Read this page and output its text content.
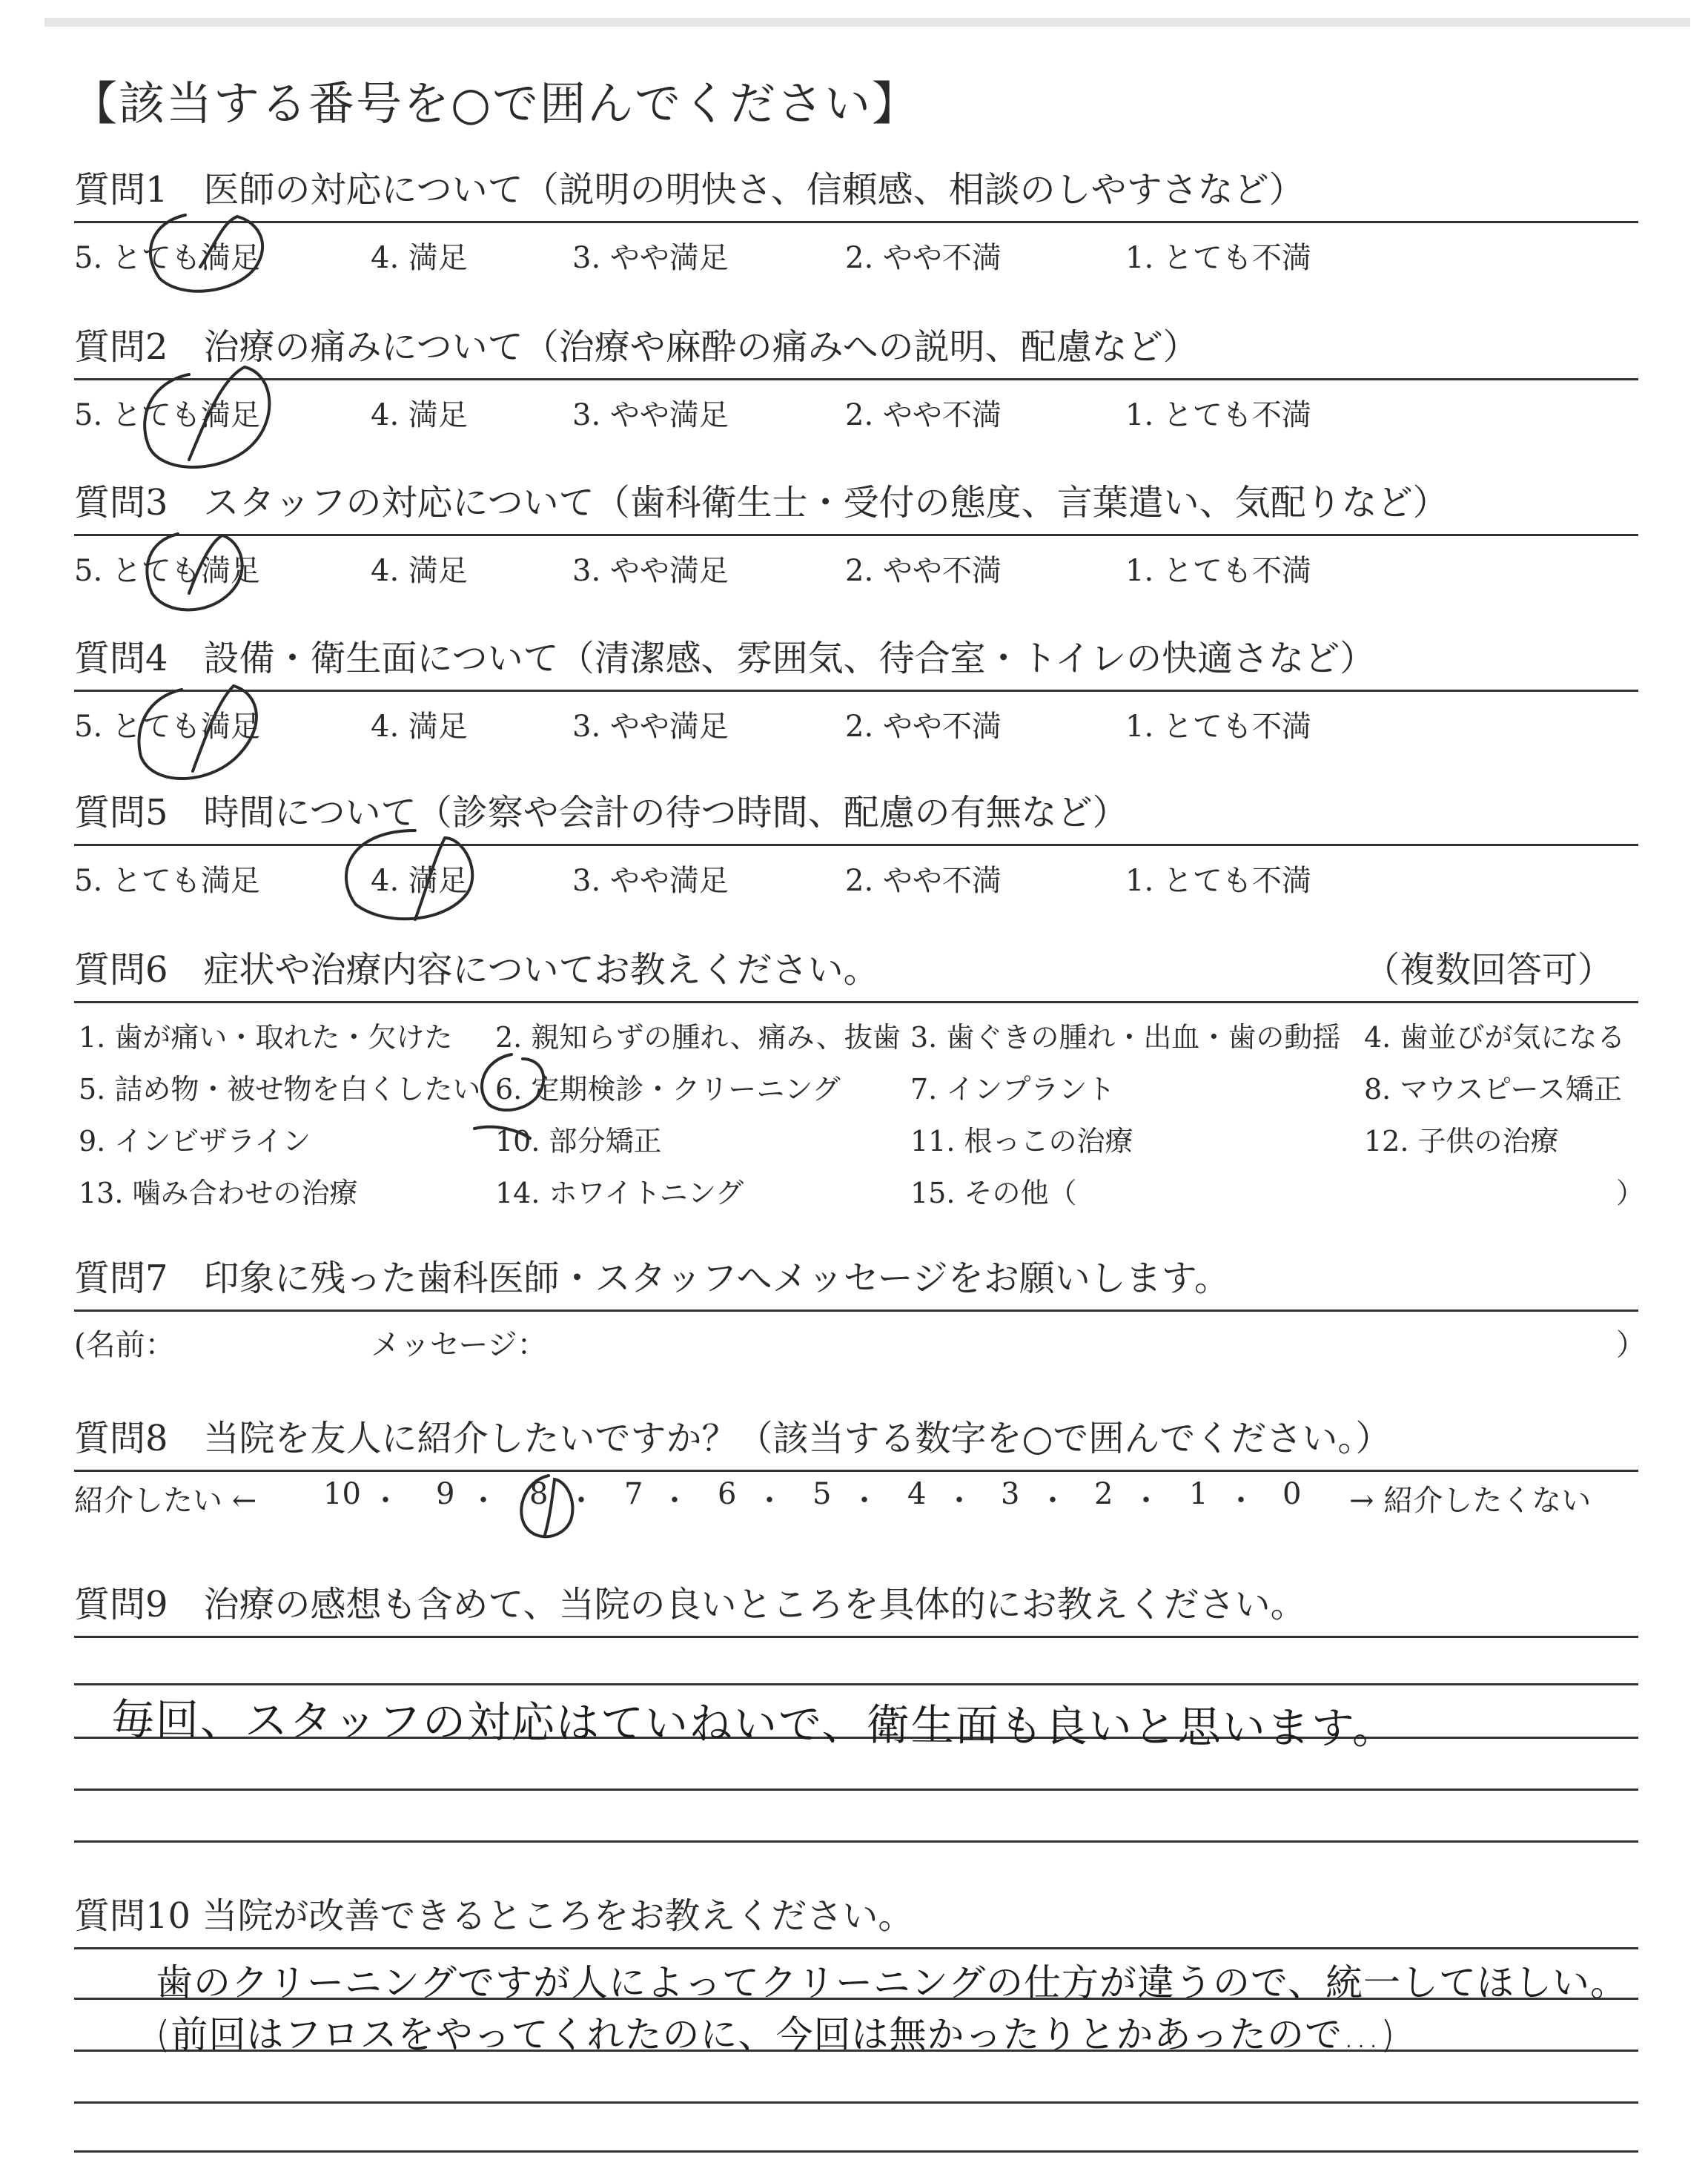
【該当する番号を○で囲んでください】
質問1　医師の対応について（説明の明快さ、信頼感、相談のしやすさなど）
5. とても満足	4. 満足	3. やや満足	2. やや不満	1. とても不満
質問2　治療の痛みについて（治療や麻酔の痛みへの説明、配慮など）
5. とても満足	4. 満足	3. やや満足	2. やや不満	1. とても不満
質問3　スタッフの対応について（歯科衛生士・受付の態度、言葉遣い、気配りなど）
5. とても満足	4. 満足	3. やや満足	2. やや不満	1. とても不満
質問4　設備・衛生面について（清潔感、雰囲気、待合室・トイレの快適さなど）
5. とても満足	4. 満足	3. やや満足	2. やや不満	1. とても不満
質問5　時間について（診察や会計の待つ時間、配慮の有無など）
5. とても満足	4. 満足	3. やや満足	2. やや不満	1. とても不満
質問6　症状や治療内容についてお教えください。	（複数回答可）
1. 歯が痛い・取れた・欠けた 2. 親知らずの腫れ、痛み、抜歯 3. 歯ぐきの腫れ・出血・歯の動揺 4. 歯並びが気になる
5. 詰め物・被せ物を白くしたい 6. 定期検診・クリーニング 7. インプラント	8. マウスピース矯正
9. インビザライン	10. 部分矯正	11. 根っこの治療	12. 子供の治療
13. 噛み合わせの治療	14. ホワイトニング	15. その他（	）
質問7　印象に残った歯科医師・スタッフへメッセージをお願いします。
(名前：	メッセージ：	）
質問8　当院を友人に紹介したいですか？（該当する数字を○で囲んでください。）
紹介したい ← 10 ・ 9 ・ 8 ・ 7 ・ 6 ・ 5 ・ 4 ・ 3 ・ 2 ・ 1 ・ 0 → 紹介したくない
質問9　治療の感想も含めて、当院の良いところを具体的にお教えください。
毎回、スタッフの対応はていねいで、衛生面も良いと思います。
質問10 当院が改善できるところをお教えください。
歯のクリーニングですが人によってクリーニングの仕方が違うので、統一してほしい。
(前回はフロスをやってくれたのに、今回は無かったりとかあったので…)
